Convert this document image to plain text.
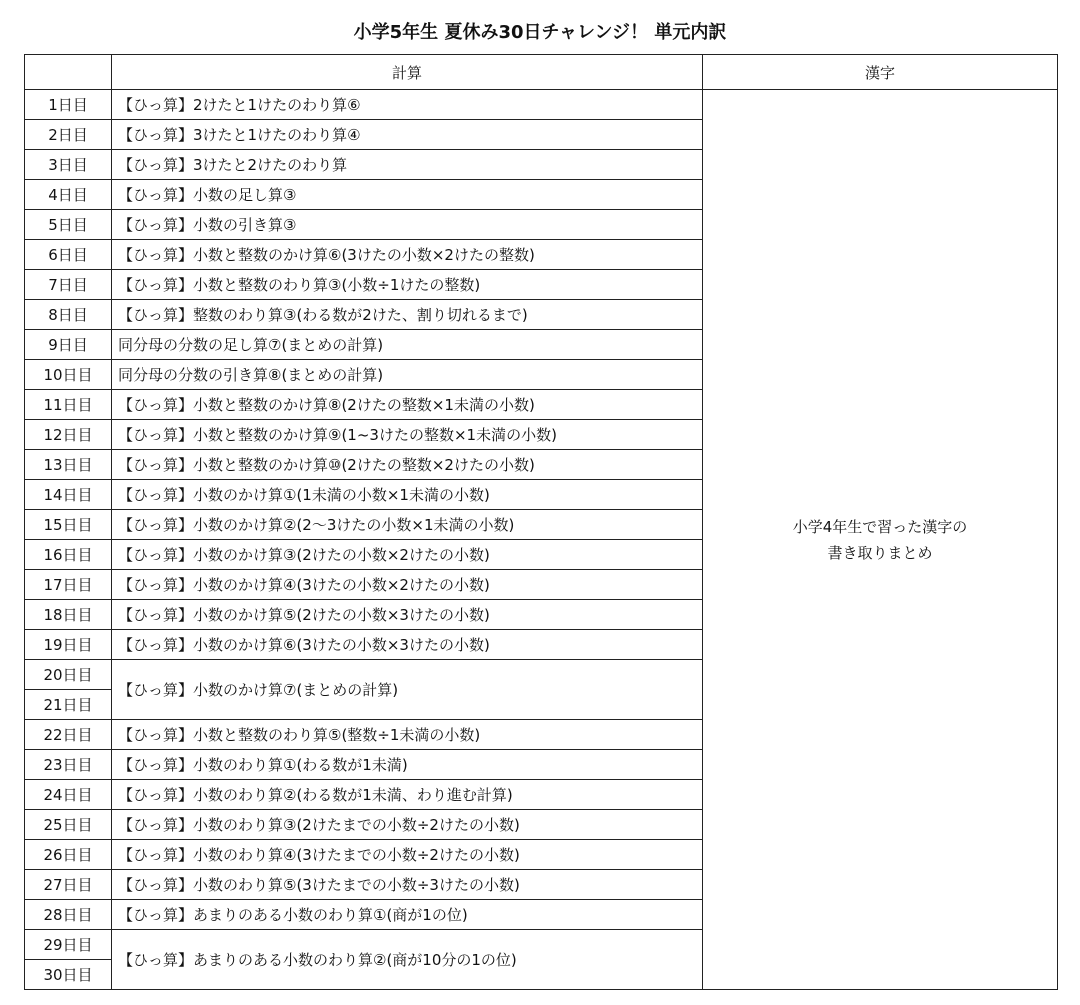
小学5年生 夏休み30日チャレンジ！ 単元内訳
	計算	漢字
1日目	【ひっ算】2けたと1けたのわり算⑥	小学4年生で習った漢字の
書き取りまとめ

2日目	【ひっ算】3けたと1けたのわり算④	
3日目	【ひっ算】3けたと2けたのわり算	
4日目	【ひっ算】小数の足し算③	
5日目	【ひっ算】小数の引き算③	
6日目	【ひっ算】小数と整数のかけ算⑥(3けたの小数×2けたの整数)	
7日目	【ひっ算】小数と整数のわり算③(小数÷1けたの整数)	
8日目	【ひっ算】整数のわり算③(わる数が2けた、割り切れるまで)	
9日目	同分母の分数の足し算⑦(まとめの計算)	
10日目	同分母の分数の引き算⑧(まとめの計算)	
11日目	【ひっ算】小数と整数のかけ算⑧(2けたの整数×1未満の小数)	
12日目	【ひっ算】小数と整数のかけ算⑨(1~3けたの整数×1未満の小数)	
13日目	【ひっ算】小数と整数のかけ算⑩(2けたの整数×2けたの小数)	
14日目	【ひっ算】小数のかけ算①(1未満の小数×1未満の小数)	
15日目	【ひっ算】小数のかけ算②(2～3けたの小数×1未満の小数)	
16日目	【ひっ算】小数のかけ算③(2けたの小数×2けたの小数)	
17日目	【ひっ算】小数のかけ算④(3けたの小数×2けたの小数)	
18日目	【ひっ算】小数のかけ算⑤(2けたの小数×3けたの小数)	
19日目	【ひっ算】小数のかけ算⑥(3けたの小数×3けたの小数)	
20日目	【ひっ算】小数のかけ算⑦(まとめの計算)	
21日目		
22日目	【ひっ算】小数と整数のわり算⑤(整数÷1未満の小数)	
23日目	【ひっ算】小数のわり算①(わる数が1未満)	
24日目	【ひっ算】小数のわり算②(わる数が1未満、わり進む計算)	
25日目	【ひっ算】小数のわり算③(2けたまでの小数÷2けたの小数)	
26日目	【ひっ算】小数のわり算④(3けたまでの小数÷2けたの小数)	
27日目	【ひっ算】小数のわり算⑤(3けたまでの小数÷3けたの小数)	
28日目	【ひっ算】あまりのある小数のわり算①(商が1の位)	
29日目	【ひっ算】あまりのある小数のわり算②(商が10分の1の位)	
30日目		
